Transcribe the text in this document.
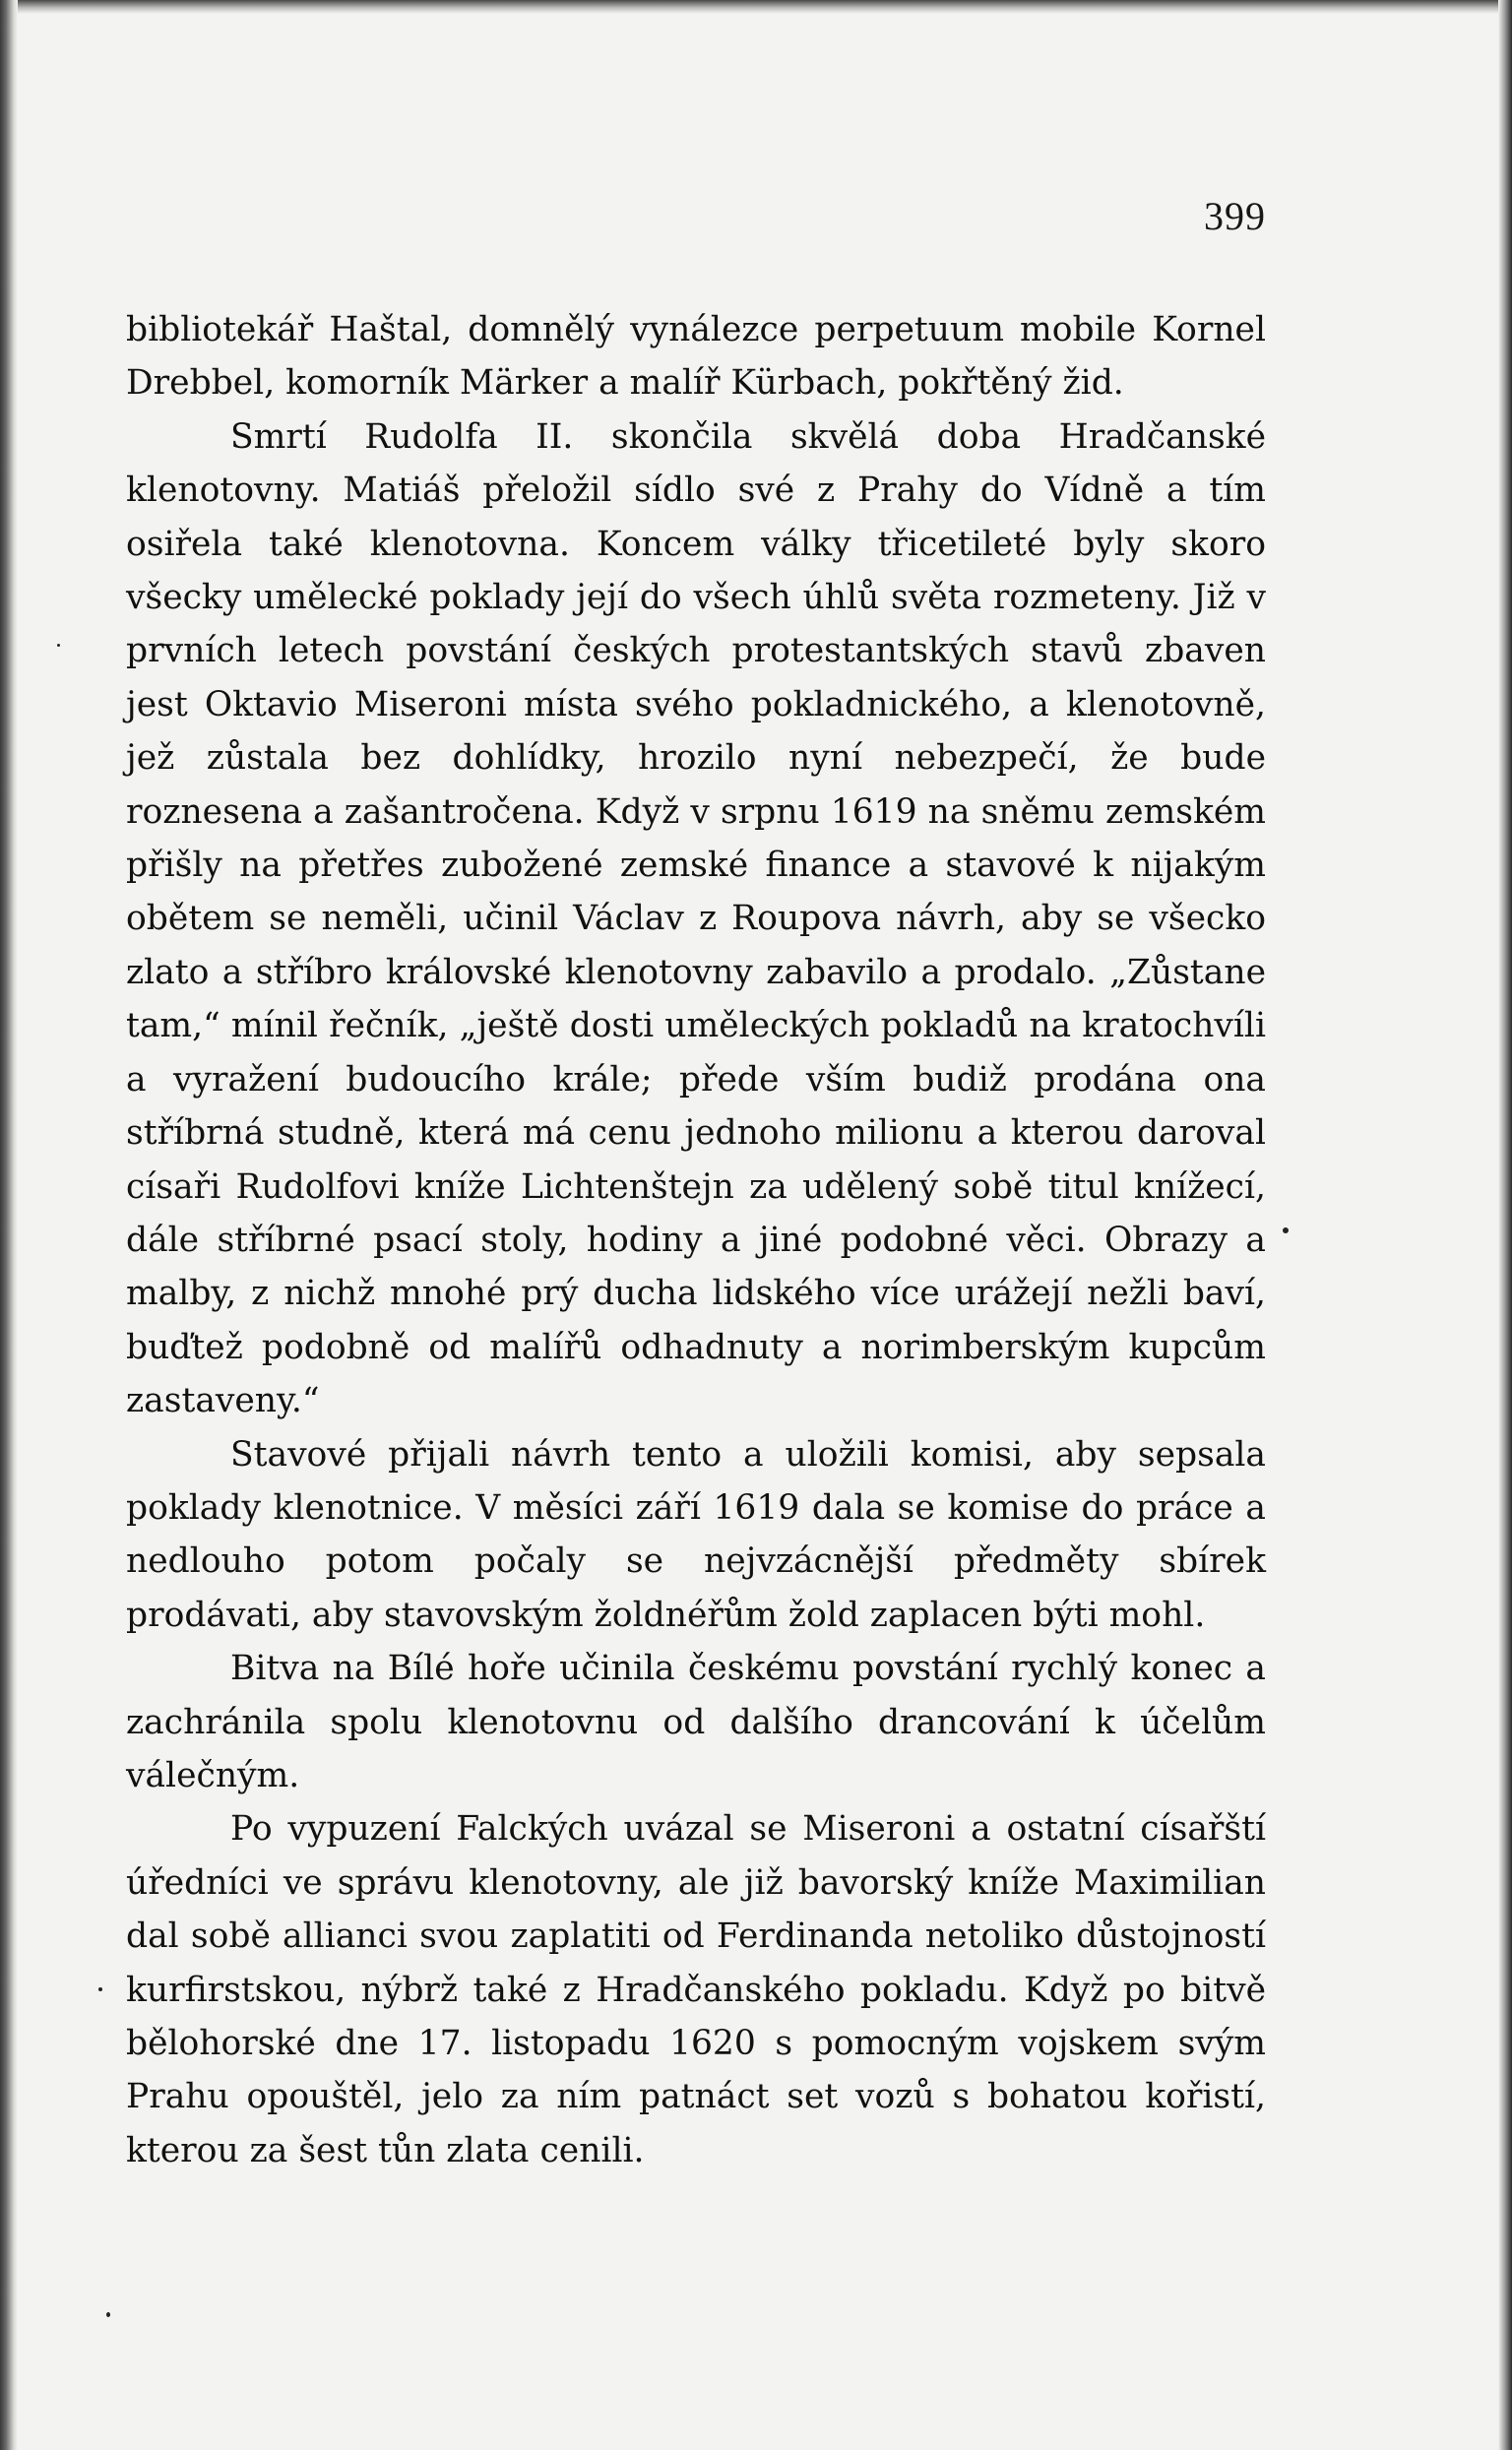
399

bibliotekář Haštal, domnělý vynálezce perpetuum mobile Kornel Drebbel, komorník Märker a malíř Kürbach, pokřtěný žid.

Smrtí Rudolfa II. skončila skvělá doba Hradčanské klenotovny. Matiáš přeložil sídlo své z Prahy do Vídně a tím osiřela také klenotovna. Koncem války třicetileté byly skoro všecky umělecké poklady její do všech úhlů světa rozmeteny. Již v prvních letech povstání českých protestantských stavů zbaven jest Oktavio Miseroni místa svého pokladnického, a klenotovně, jež zůstala bez dohlídky, hrozilo nyní nebezpečí, že bude roznesena a zašantročena. Když v srpnu 1619 na sněmu zemském přišly na přetřes zubožené zemské finance a stavové k nijakým obětem se neměli, učinil Václav z Roupova návrh, aby se všecko zlato a stříbro královské klenotovny zabavilo a prodalo. „Zůstane tam,“ mínil řečník, „ještě dosti uměleckých pokladů na kratochvíli a vyražení budoucího krále; přede vším budiž prodána ona stříbrná studně, která má cenu jednoho milionu a kterou daroval císaři Rudolfovi kníže Lichtenštejn za udělený sobě titul knížecí, dále stříbrné psací stoly, hodiny a jiné podobné věci. Obrazy a malby, z nichž mnohé prý ducha lidského více urážejí nežli baví, buďtež podobně od malířů odhadnuty a norimberským kupcům zastaveny.“

Stavové přijali návrh tento a uložili komisi, aby sepsala poklady klenotnice. V měsíci září 1619 dala se komise do práce a nedlouho potom počaly se nejvzácnější předměty sbírek prodávati, aby stavovským žoldnéřům žold zaplacen býti mohl.

Bitva na Bílé hoře učinila českému povstání rychlý konec a zachránila spolu klenotovnu od dalšího drancování k účelům válečným.

Po vypuzení Falckých uvázal se Miseroni a ostatní císařští úředníci ve správu klenotovny, ale již bavorský kníže Maximilian dal sobě allianci svou zaplatiti od Ferdinanda netoliko důstojností kurfirstskou, nýbrž také z Hradčanského pokladu. Když po bitvě bělohorské dne 17. listopadu 1620 s pomocným vojskem svým Prahu opouštěl, jelo za ním patnáct set vozů s bohatou kořistí, kterou za šest tůn zlata cenili.
